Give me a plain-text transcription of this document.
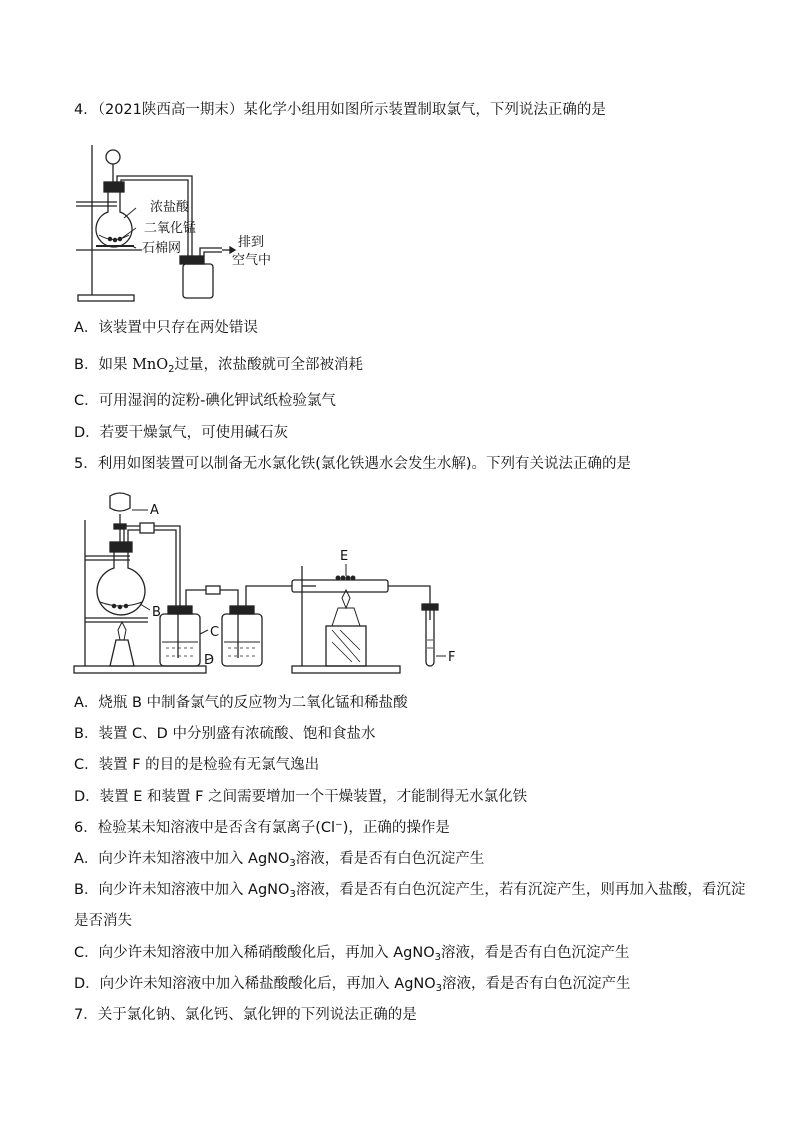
4．（2021陕西高一期末）某化学小组用如图所示装置制取氯气，下列说法正确的是
浓盐酸
二氧化锰
石棉网	排到
空气中
A．该装置中只存在两处错误
B．如果 MnO$_2$过量，浓盐酸就可全部被消耗
C．可用湿润的淀粉-碘化钾试纸检验氯气
D．若要干燥氯气，可使用碱石灰
5．利用如图装置可以制备无水氯化铁(氯化铁遇水会发生水解)。下列有关说法正确的是
A
B
C
D
E
F
A．烧瓶 B 中制备氯气的反应物为二氧化锰和稀盐酸
B．装置 C、D 中分别盛有浓硫酸、饱和食盐水
C．装置 F 的目的是检验有无氯气逸出
D．装置 E 和装置 F 之间需要增加一个干燥装置，才能制得无水氯化铁
6．检验某未知溶液中是否含有氯离子(Cl⁻)，正确的操作是
A．向少许未知溶液中加入 AgNO$_3$溶液，看是否有白色沉淀产生
B．向少许未知溶液中加入 AgNO$_3$溶液，看是否有白色沉淀产生，若有沉淀产生，则再加入盐酸，看沉淀
是否消失
C．向少许未知溶液中加入稀硝酸酸化后，再加入 AgNO$_3$溶液，看是否有白色沉淀产生
D．向少许未知溶液中加入稀盐酸酸化后，再加入 AgNO$_3$溶液，看是否有白色沉淀产生
7．关于氯化钠、氯化钙、氯化钾的下列说法正确的是
